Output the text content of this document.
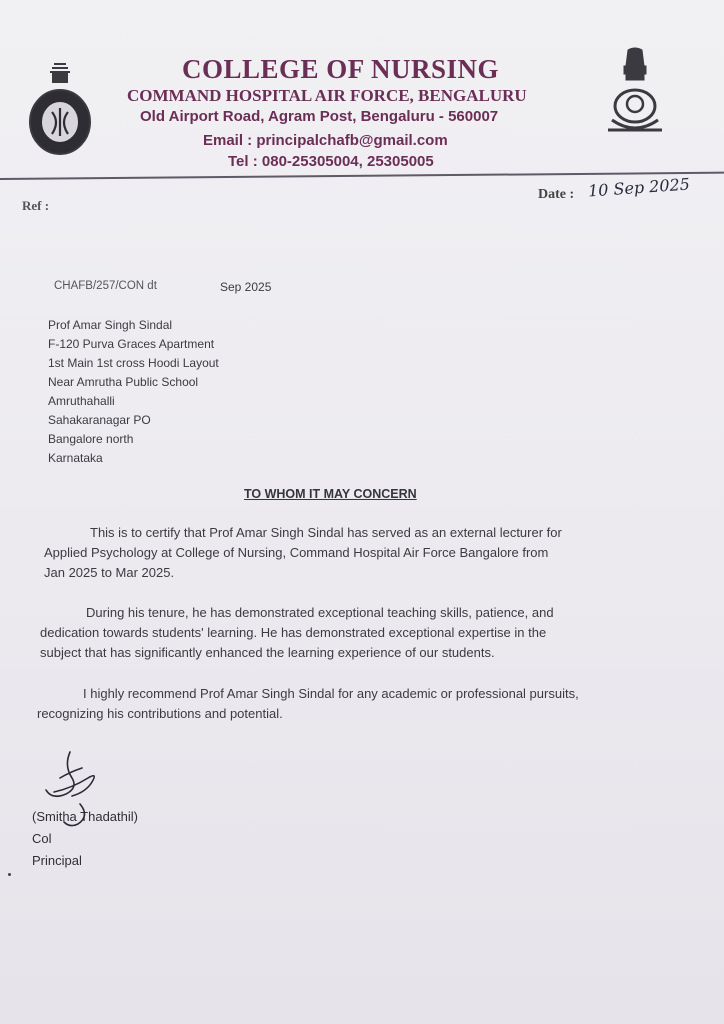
COLLEGE OF NURSING
COMMAND HOSPITAL AIR FORCE, BENGALURU
Old Airport Road, Agram Post, Bengaluru - 560007
Email : principalchafb@gmail.com
Tel : 080-25305004, 25305005
Ref :
Date : 10 Sep 2025
CHAFB/257/CON dt	Sep 2025
Prof Amar Singh Sindal
F-120 Purva Graces Apartment
1st Main 1st cross Hoodi Layout
Near Amrutha Public School
Amruthahalli
Sahakaranagar PO
Bangalore north
Karnataka
TO WHOM IT MAY CONCERN
This is to certify that Prof Amar Singh Sindal has served as an external lecturer for
Applied Psychology at College of Nursing, Command Hospital Air Force Bangalore from
Jan 2025 to Mar 2025.
During his tenure, he has demonstrated exceptional teaching skills, patience, and
dedication towards students' learning. He has demonstrated exceptional expertise in the
subject that has significantly enhanced the learning experience of our students.
I highly recommend Prof Amar Singh Sindal for any academic or professional pursuits,
recognizing his contributions and potential.
(Smitha Thadathil)
Col
Principal
